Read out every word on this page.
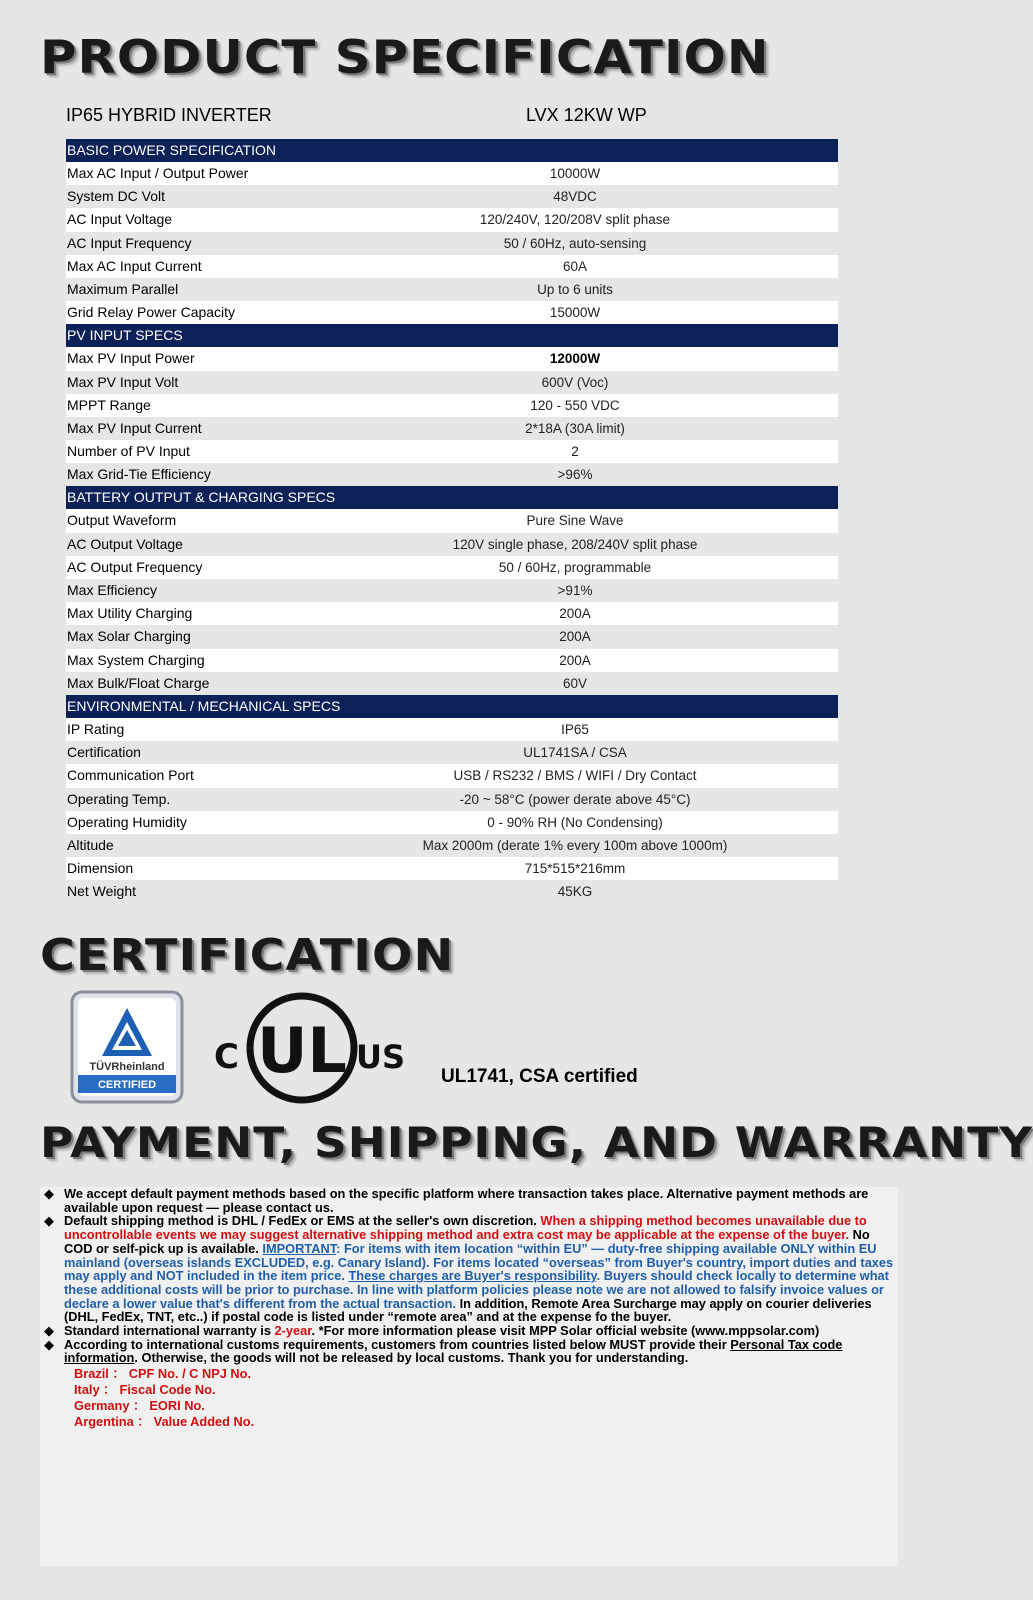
PRODUCT SPECIFICATION
IP65 HYBRID INVERTER	LVX 12KW WP
BASIC POWER SPECIFICATION
Max AC Input / Output Power	10000W
System DC Volt	48VDC
AC Input Voltage	120/240V, 120/208V split phase
AC Input Frequency	50 / 60Hz, auto-sensing
Max AC Input Current	60A
Maximum Parallel	Up to 6 units
Grid Relay Power Capacity	15000W
PV INPUT SPECS
Max PV Input Power	12000W
Max PV Input Volt	600V (Voc)
MPPT Range	120 - 550 VDC
Max PV Input Current	2*18A (30A limit)
Number of PV Input	2
Max Grid-Tie Efficiency	>96%
BATTERY OUTPUT & CHARGING SPECS
Output Waveform	Pure Sine Wave
AC Output Voltage	120V single phase, 208/240V split phase
AC Output Frequency	50 / 60Hz, programmable
Max Efficiency	>91%
Max Utility Charging	200A
Max Solar Charging	200A
Max System Charging	200A
Max Bulk/Float Charge	60V
ENVIRONMENTAL / MECHANICAL SPECS
IP Rating	IP65
Certification	UL1741SA / CSA
Communication Port	USB / RS232 / BMS / WIFI / Dry Contact
Operating Temp.	-20 ~ 58°C (power derate above 45°C)
Operating Humidity	0 - 90% RH (No Condensing)
Altitude	Max 2000m (derate 1% every 100m above 1000m)
Dimension	715*515*216mm
Net Weight	45KG
CERTIFICATION
TÜVRheinland
CERTIFIED
C UL US
UL1741, CSA certified
PAYMENT, SHIPPING, AND WARRANTY
◆ We accept default payment methods based on the specific platform where transaction takes place. Alternative payment methods are available upon request — please contact us.
◆ Default shipping method is DHL / FedEx or EMS at the seller's own discretion. When a shipping method becomes unavailable due to uncontrollable events we may suggest alternative shipping method and extra cost may be applicable at the expense of the buyer. No COD or self-pick up is available. IMPORTANT: For items with item location “within EU” — duty-free shipping available ONLY within EU mainland (overseas islands EXCLUDED, e.g. Canary Island). For items located “overseas” from Buyer's country, import duties and taxes may apply and NOT included in the item price. These charges are Buyer's responsibility. Buyers should check locally to determine what these additional costs will be prior to purchase. In line with platform policies please note we are not allowed to falsify invoice values or declare a lower value that's different from the actual transaction. In addition, Remote Area Surcharge may apply on courier deliveries (DHL, FedEx, TNT, etc..) if postal code is listed under “remote area” and at the expense fo the buyer.
◆ Standard international warranty is 2-year. *For more information please visit MPP Solar official website (www.mppsolar.com)
◆ According to international customs requirements, customers from countries listed below MUST provide their Personal Tax code information. Otherwise, the goods will not be released by local customs. Thank you for understanding.
Brazil ： CPF No. / C NPJ No.
Italy ： Fiscal Code No.
Germany ： EORI No.
Argentina ： Value Added No.
